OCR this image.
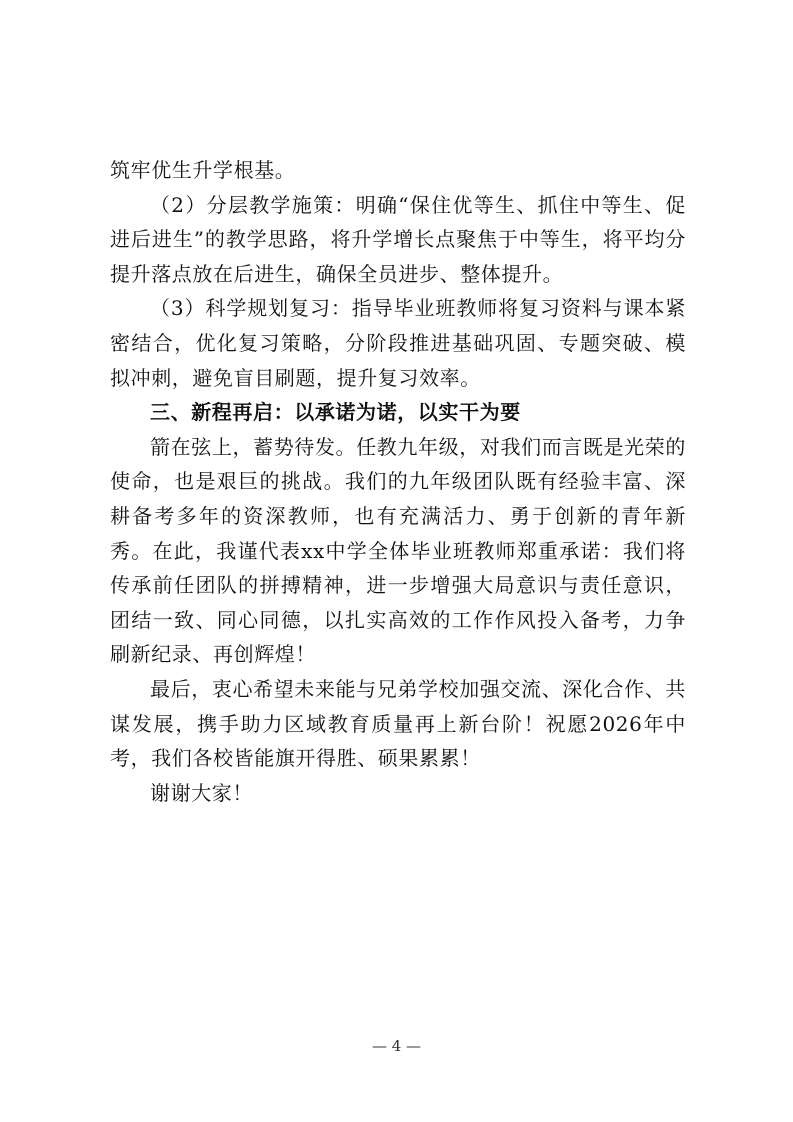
筑牢优生升学根基。

（2）分层教学施策：明确“保住优等生、抓住中等生、促进后进生”的教学思路，将升学增长点聚焦于中等生，将平均分提升落点放在后进生，确保全员进步、整体提升。

（3）科学规划复习：指导毕业班教师将复习资料与课本紧密结合，优化复习策略，分阶段推进基础巩固、专题突破、模拟冲刺，避免盲目刷题，提升复习效率。

三、新程再启：以承诺为诺，以实干为要

箭在弦上，蓄势待发。任教九年级，对我们而言既是光荣的使命，也是艰巨的挑战。我们的九年级团队既有经验丰富、深耕备考多年的资深教师，也有充满活力、勇于创新的青年新秀。在此，我谨代表xx中学全体毕业班教师郑重承诺：我们将传承前任团队的拼搏精神，进一步增强大局意识与责任意识，团结一致、同心同德，以扎实高效的工作作风投入备考，力争刷新纪录、再创辉煌！

最后，衷心希望未来能与兄弟学校加强交流、深化合作、共谋发展，携手助力区域教育质量再上新台阶！祝愿2026年中考，我们各校皆能旗开得胜、硕果累累！

谢谢大家！

— 4 —
